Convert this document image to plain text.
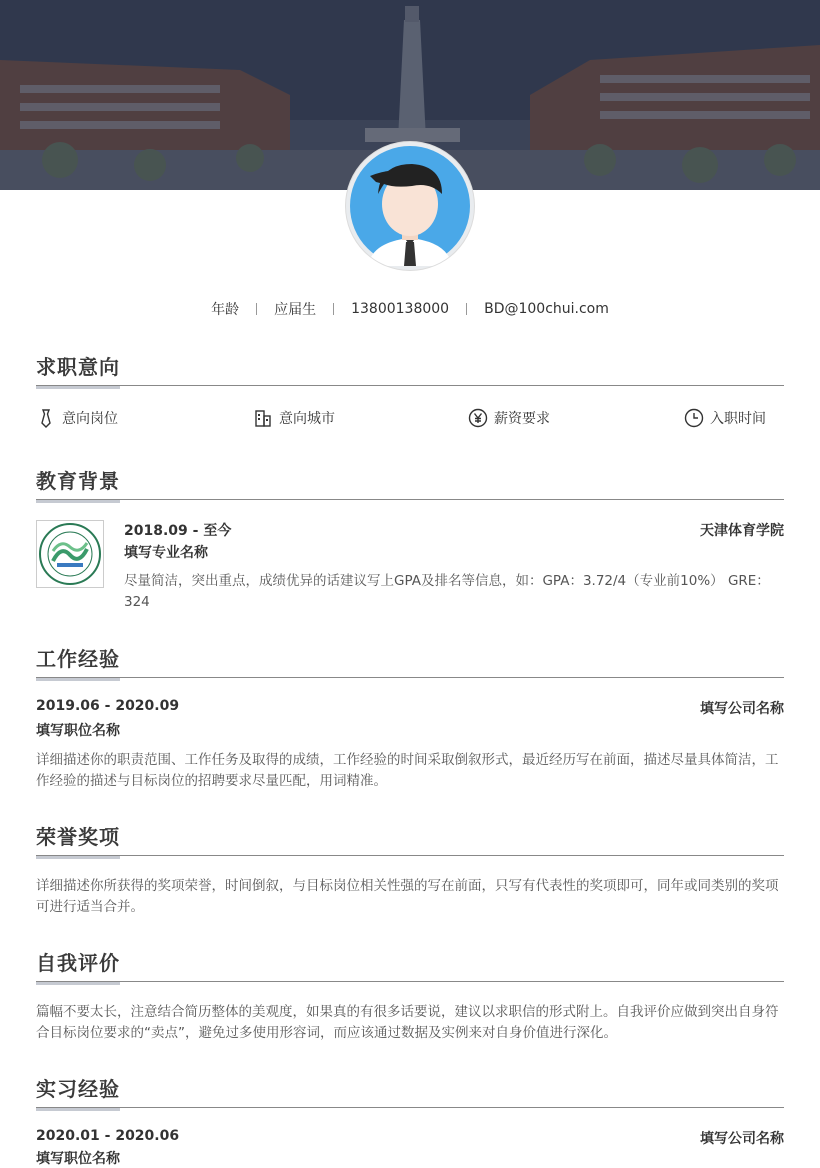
年龄	应届生	13800138000	BD@100chui.com
求职意向
意向岗位	意向城市	薪资要求	入职时间
教育背景
2018.09 - 至今	天津体育学院
填写专业名称
尽量简洁，突出重点，成绩优异的话建议写上GPA及排名等信息，如：GPA：3.72/4（专业前10%） GRE：324
工作经验
2019.06 - 2020.09	填写公司名称
填写职位名称
详细描述你的职责范围、工作任务及取得的成绩，工作经验的时间采取倒叙形式，最近经历写在前面，描述尽量具体简洁，工作经验的描述与目标岗位的招聘要求尽量匹配，用词精准。
荣誉奖项
详细描述你所获得的奖项荣誉，时间倒叙，与目标岗位相关性强的写在前面，只写有代表性的奖项即可，同年或同类别的奖项可进行适当合并。
自我评价
篇幅不要太长，注意结合简历整体的美观度，如果真的有很多话要说，建议以求职信的形式附上。自我评价应做到突出自身符合目标岗位要求的“卖点”，避免过多使用形容词，而应该通过数据及实例来对自身价值进行深化。
实习经验
2020.01 - 2020.06	填写公司名称
填写职位名称
